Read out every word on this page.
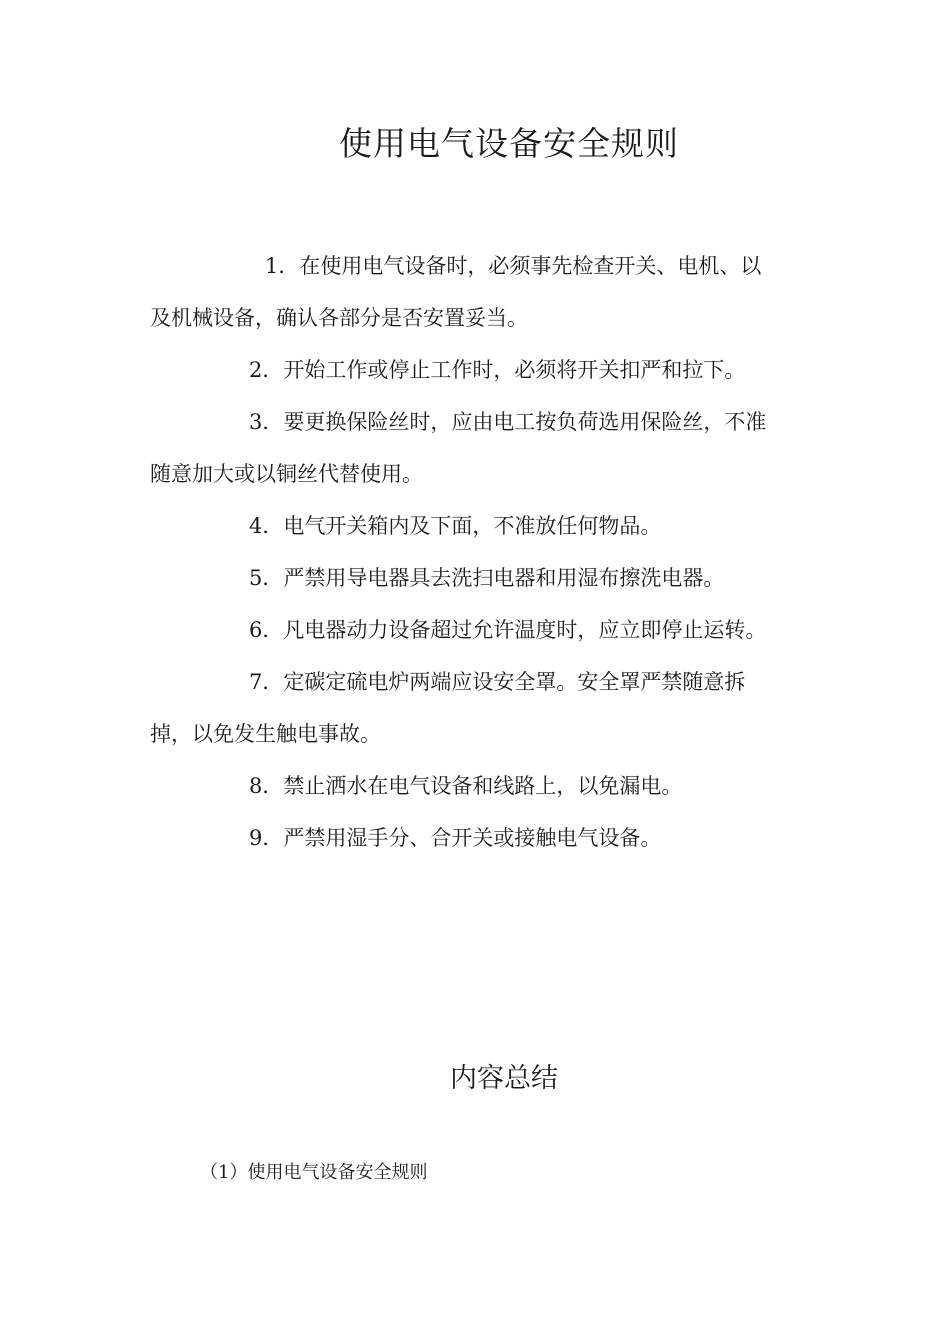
使用电气设备安全规则
1．在使用电气设备时，必须事先检查开关、电机、以
及机械设备，确认各部分是否安置妥当。
2．开始工作或停止工作时，必须将开关扣严和拉下。
3．要更换保险丝时，应由电工按负荷选用保险丝，不准
随意加大或以铜丝代替使用。
4．电气开关箱内及下面，不准放任何物品。
5．严禁用导电器具去洗扫电器和用湿布擦洗电器。
6．凡电器动力设备超过允许温度时，应立即停止运转。
7．定碳定硫电炉两端应设安全罩。安全罩严禁随意拆
掉，以免发生触电事故。
8．禁止洒水在电气设备和线路上，以免漏电。
9．严禁用湿手分、合开关或接触电气设备。
内容总结

（1）使用电气设备安全规则
